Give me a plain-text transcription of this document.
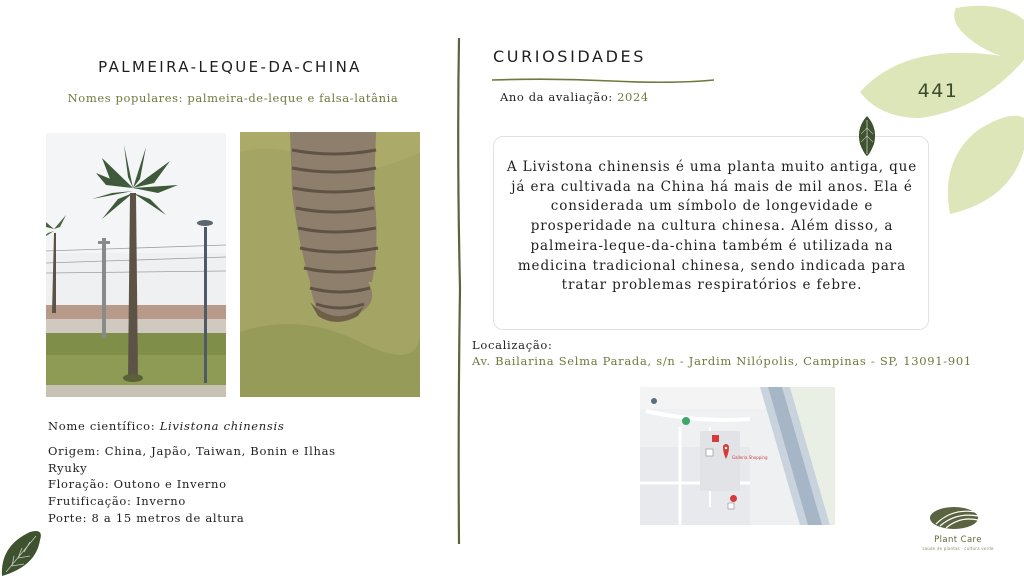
PALMEIRA-LEQUE-DA-CHINA
Nomes populares: palmeira-de-leque e falsa-latânia
Nome científico: Livistona chinensis
Origem: China, Japão, Taiwan, Bonin e Ilhas Ryuky
Floração: Outono e Inverno
Frutificação: Inverno
Porte: 8 a 15 metros de altura
CURIOSIDADES
Ano da avaliação: 2024
A Livistona chinensis é uma planta muito antiga, que já era cultivada na China há mais de mil anos. Ela é considerada um símbolo de longevidade e prosperidade na cultura chinesa. Além disso, a palmeira-leque-da-china também é utilizada na medicina tradicional chinesa, sendo indicada para tratar problemas respiratórios e febre.
Localização:
Av. Bailarina Selma Parada, s/n - Jardim Nilópolis, Campinas - SP, 13091-901
Galleria Shopping
441
Plant Care
saúde de plantas · cultura verde
